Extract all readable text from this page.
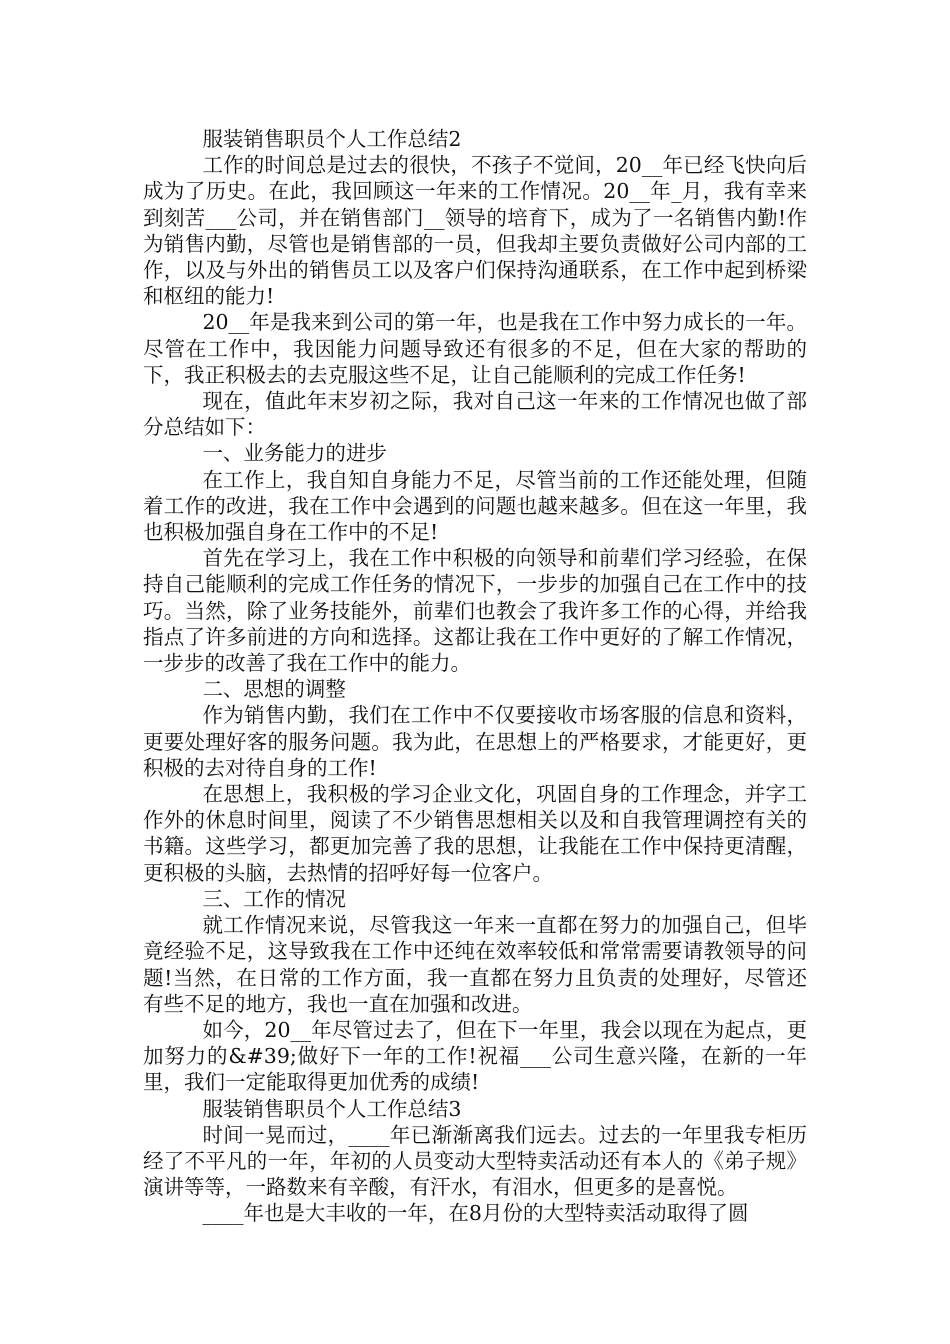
服装销售职员个人工作总结2

工作的时间总是过去的很快，不孩子不觉间，20__年已经飞快向后成为了历史。在此，我回顾这一年来的工作情况。20__年_月，我有幸来到刻苦___公司，并在销售部门__领导的培育下，成为了一名销售内勤!作为销售内勤，尽管也是销售部的一员，但我却主要负责做好公司内部的工作，以及与外出的销售员工以及客户们保持沟通联系，在工作中起到桥梁和枢纽的能力!

20__年是我来到公司的第一年，也是我在工作中努力成长的一年。尽管在工作中，我因能力问题导致还有很多的不足，但在大家的帮助的下，我正积极去的去克服这些不足，让自己能顺利的完成工作任务!

现在，值此年末岁初之际，我对自己这一年来的工作情况也做了部分总结如下：

一、业务能力的进步

在工作上，我自知自身能力不足，尽管当前的工作还能处理，但随着工作的改进，我在工作中会遇到的问题也越来越多。但在这一年里，我也积极加强自身在工作中的不足!

首先在学习上，我在工作中积极的向领导和前辈们学习经验，在保持自己能顺利的完成工作任务的情况下，一步步的加强自己在工作中的技巧。当然，除了业务技能外，前辈们也教会了我许多工作的心得，并给我指点了许多前进的方向和选择。这都让我在工作中更好的了解工作情况，一步步的改善了我在工作中的能力。

二、思想的调整

作为销售内勤，我们在工作中不仅要接收市场客服的信息和资料，更要处理好客的服务问题。我为此，在思想上的严格要求，才能更好，更积极的去对待自身的工作!

在思想上，我积极的学习企业文化，巩固自身的工作理念，并字工作外的休息时间里，阅读了不少销售思想相关以及和自我管理调控有关的书籍。这些学习，都更加完善了我的思想，让我能在工作中保持更清醒，更积极的头脑，去热情的招呼好每一位客户。

三、工作的情况

就工作情况来说，尽管我这一年来一直都在努力的加强自己，但毕竟经验不足，这导致我在工作中还纯在效率较低和常常需要请教领导的问题!当然，在日常的工作方面，我一直都在努力且负责的处理好，尽管还有些不足的地方，我也一直在加强和改进。

如今，20__年尽管过去了，但在下一年里，我会以现在为起点，更加努力的&#39;做好下一年的工作!祝福___公司生意兴隆，在新的一年里，我们一定能取得更加优秀的成绩!

服装销售职员个人工作总结3

时间一晃而过，____年已渐渐离我们远去。过去的一年里我专柜历经了不平凡的一年，年初的人员变动大型特卖活动还有本人的《弟子规》演讲等等，一路数来有辛酸，有汗水，有泪水，但更多的是喜悦。

____年也是大丰收的一年，在8月份的大型特卖活动取得了圆
